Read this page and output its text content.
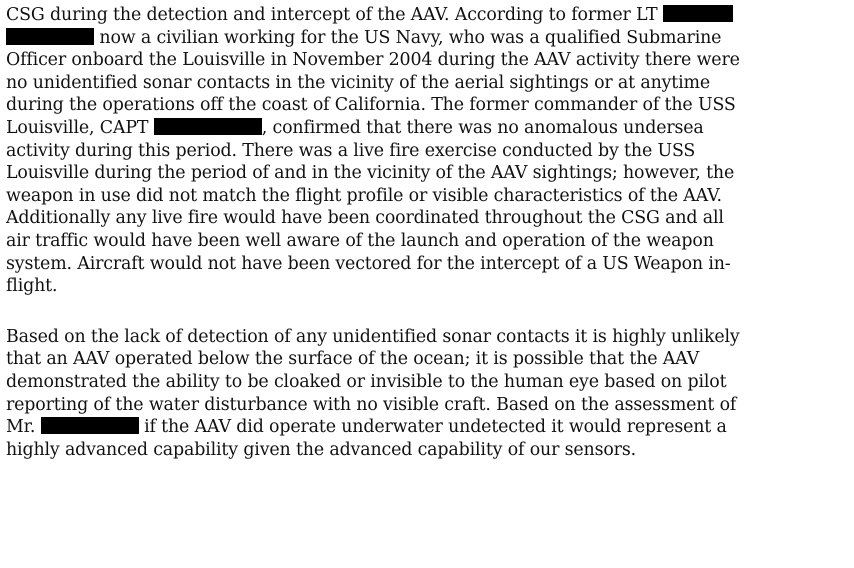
CSG during the detection and intercept of the AAV. According to former LT
now a civilian working for the US Navy, who was a qualified Submarine
Officer onboard the Louisville in November 2004 during the AAV activity there were
no unidentified sonar contacts in the vicinity of the aerial sightings or at anytime
during the operations off the coast of California. The former commander of the USS
Louisville, CAPT	, confirmed that there was no anomalous undersea
activity during this period. There was a live fire exercise conducted by the USS
Louisville during the period of and in the vicinity of the AAV sightings; however, the
weapon in use did not match the flight profile or visible characteristics of the AAV.
Additionally any live fire would have been coordinated throughout the CSG and all
air traffic would have been well aware of the launch and operation of the weapon
system. Aircraft would not have been vectored for the intercept of a US Weapon in-
flight.
Based on the lack of detection of any unidentified sonar contacts it is highly unlikely
that an AAV operated below the surface of the ocean; it is possible that the AAV
demonstrated the ability to be cloaked or invisible to the human eye based on pilot
reporting of the water disturbance with no visible craft. Based on the assessment of
Mr.	if the AAV did operate underwater undetected it would represent a
highly advanced capability given the advanced capability of our sensors.
